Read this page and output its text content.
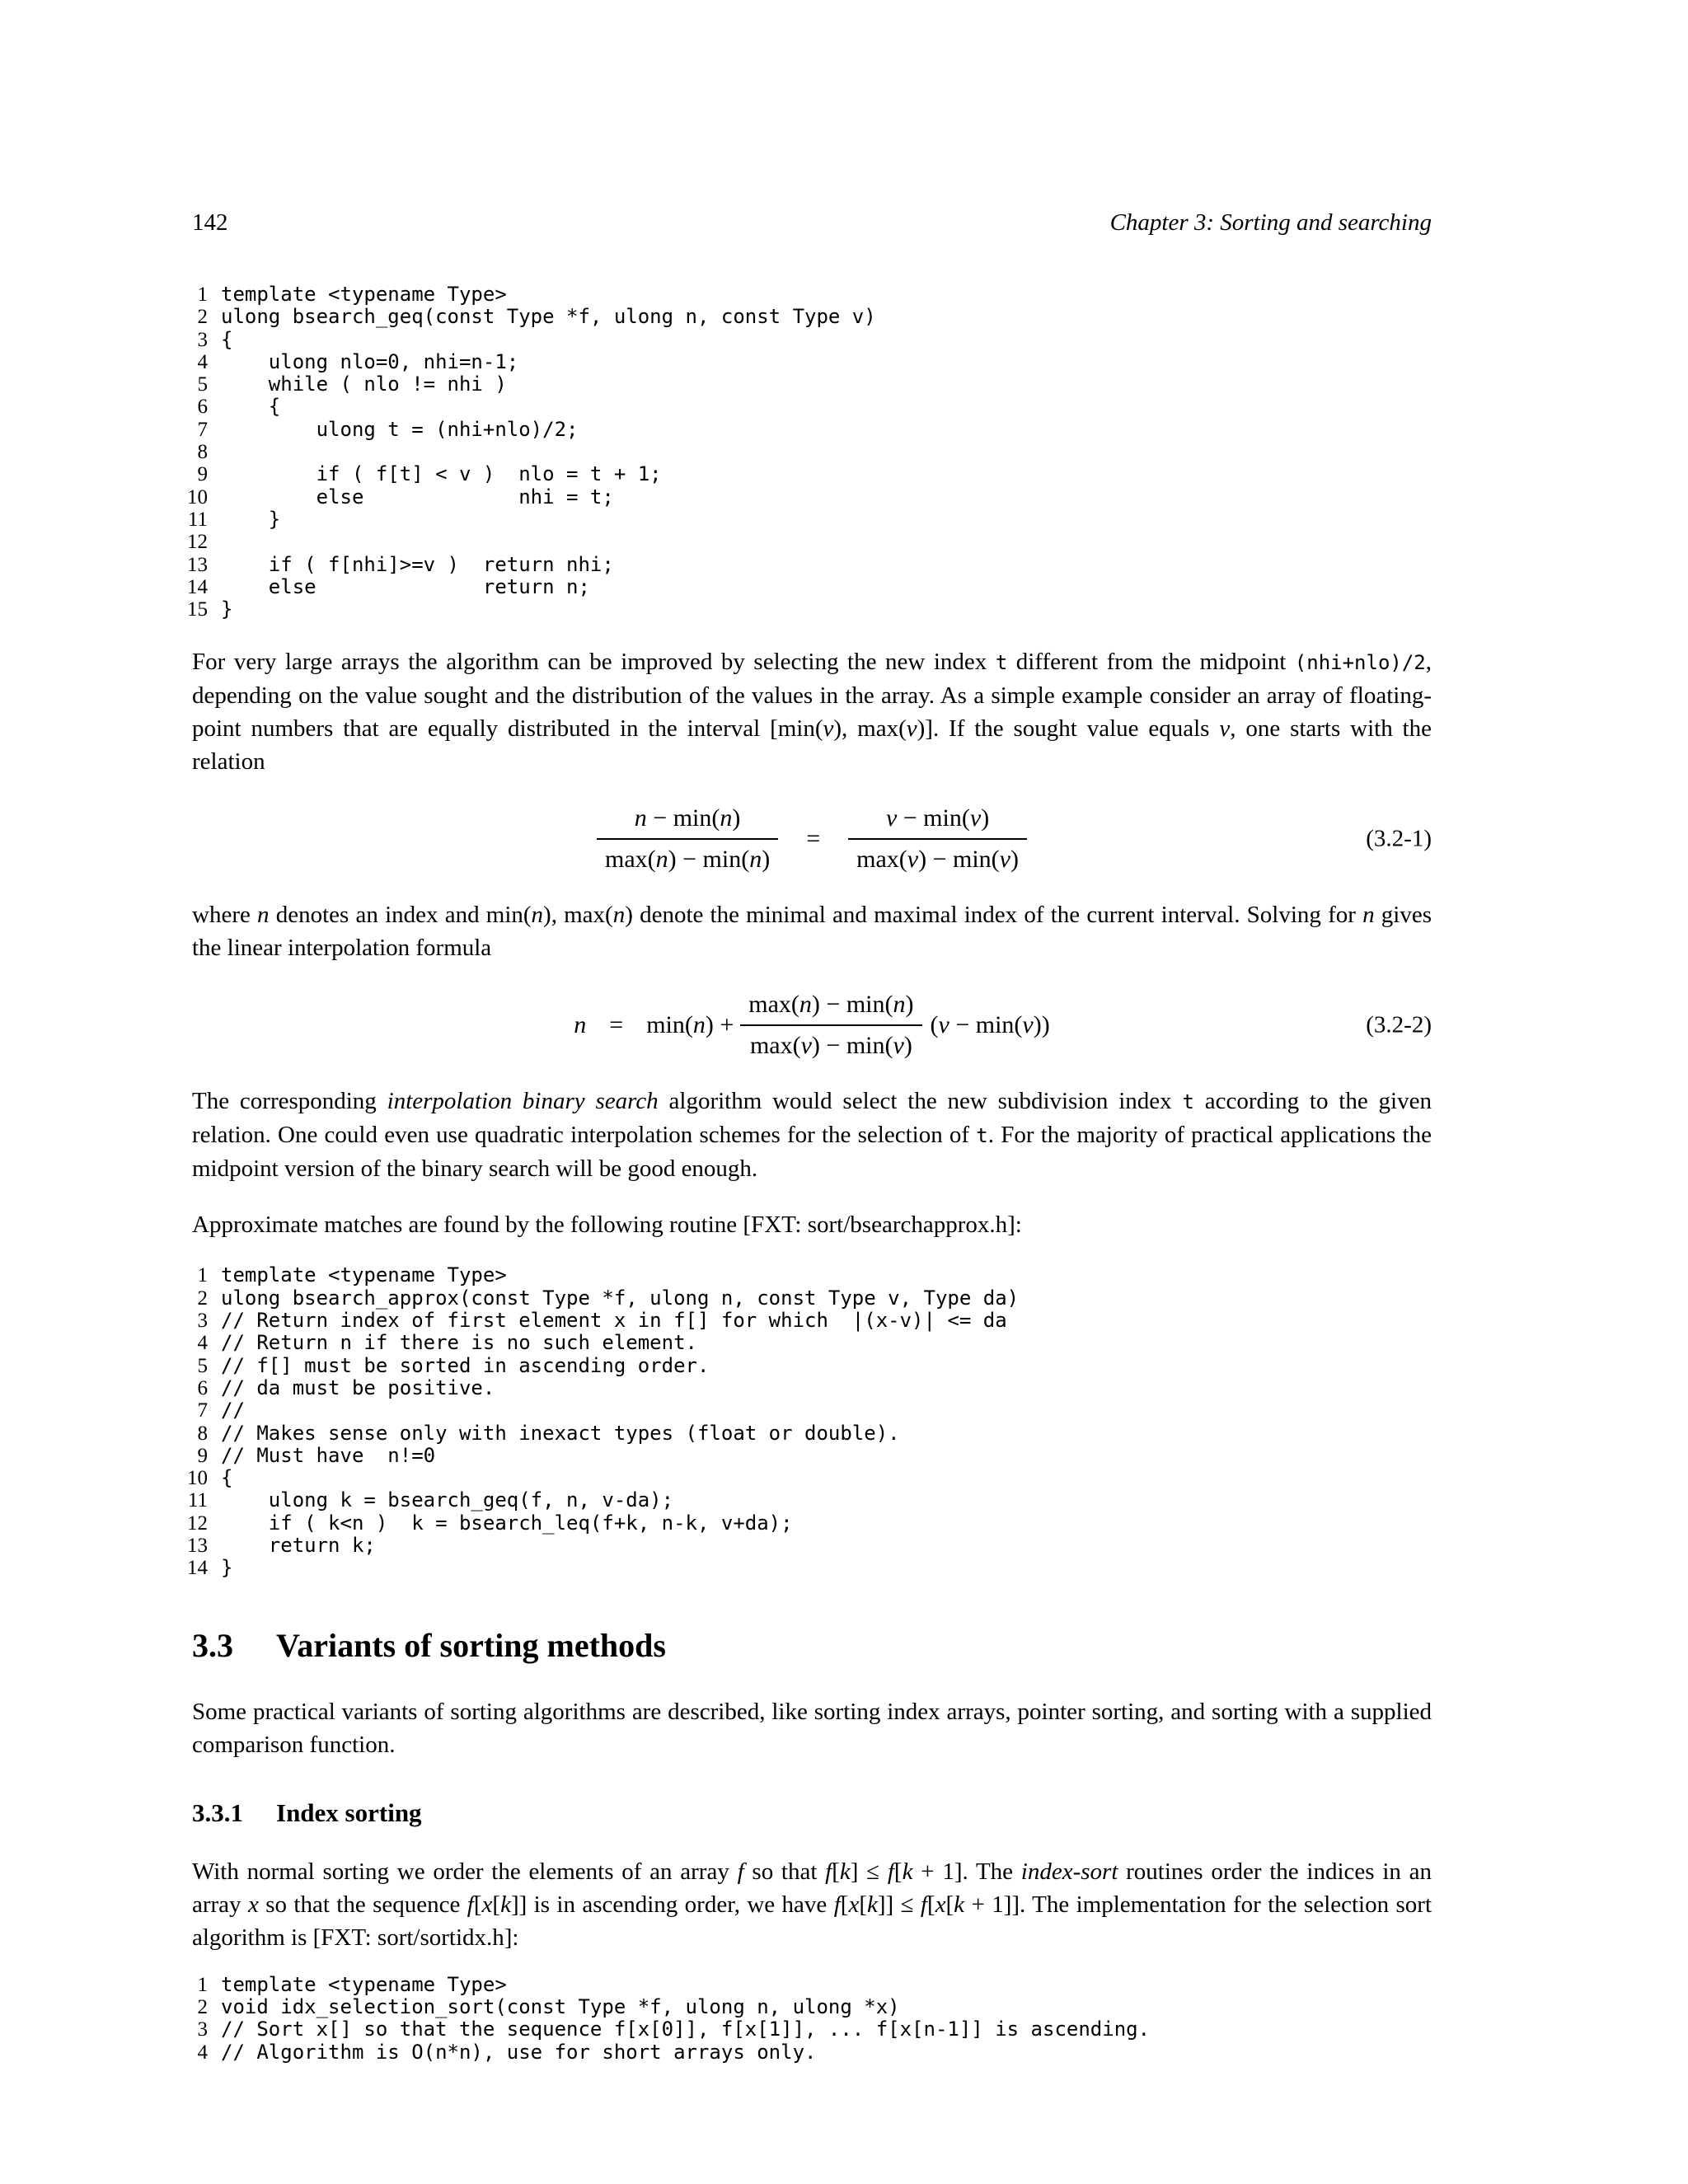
142	Chapter 3: Sorting and searching
1 template <typename Type>
2 ulong bsearch_geq(const Type *f, ulong n, const Type v)
3 {
4    ulong nlo=0, nhi=n-1;
5    while ( nlo != nhi )
6    {
7        ulong t = (nhi+nlo)/2;
8
9        if ( f[t] < v )  nlo = t + 1;
10        else             nhi = t;
11    }
12
13    if ( f[nhi]>=v )  return nhi;
14    else              return n;
15 }

For very large arrays the algorithm can be improved by selecting the new index t different from the midpoint (nhi+nlo)/2, depending on the value sought and the distribution of the values in the array. As a simple example consider an array of floating-point numbers that are equally distributed in the interval [min(v), max(v)]. If the sought value equals v, one starts with the relation

$\frac{n - \min(n)}{\max(n) - \min(n)} = \frac{v - \min(v)}{\max(v) - \min(v)}$	(3.2-1)

where n denotes an index and min(n), max(n) denote the minimal and maximal index of the current interval. Solving for n gives the linear interpolation formula

$n = \min(n) + \frac{\max(n) - \min(n)}{\max(v) - \min(v)} (v - \min(v))$	(3.2-2)

The corresponding interpolation binary search algorithm would select the new subdivision index t according to the given relation. One could even use quadratic interpolation schemes for the selection of t. For the majority of practical applications the midpoint version of the binary search will be good enough.

Approximate matches are found by the following routine [FXT: sort/bsearchapprox.h]:

1 template <typename Type>
2 ulong bsearch_approx(const Type *f, ulong n, const Type v, Type da)
3 // Return index of first element x in f[] for which  |(x-v)| <= da
4 // Return n if there is no such element.
5 // f[] must be sorted in ascending order.
6 // da must be positive.
7 //
8 // Makes sense only with inexact types (float or double).
9 // Must have  n!=0
10 {
11    ulong k = bsearch_geq(f, n, v-da);
12    if ( k<n )  k = bsearch_leq(f+k, n-k, v+da);
13    return k;
14 }
3.3 Variants of sorting methods

Some practical variants of sorting algorithms are described, like sorting index arrays, pointer sorting, and sorting with a supplied comparison function.

3.3.1 Index sorting

With normal sorting we order the elements of an array f so that f[k] ≤ f[k + 1]. The index-sort routines order the indices in an array x so that the sequence f[x[k]] is in ascending order, we have f[x[k]] ≤ f[x[k + 1]]. The implementation for the selection sort algorithm is [FXT: sort/sortidx.h]:

1 template <typename Type>
2 void idx_selection_sort(const Type *f, ulong n, ulong *x)
3 // Sort x[] so that the sequence f[x[0]], f[x[1]], ... f[x[n-1]] is ascending.
4 // Algorithm is O(n*n), use for short arrays only.
